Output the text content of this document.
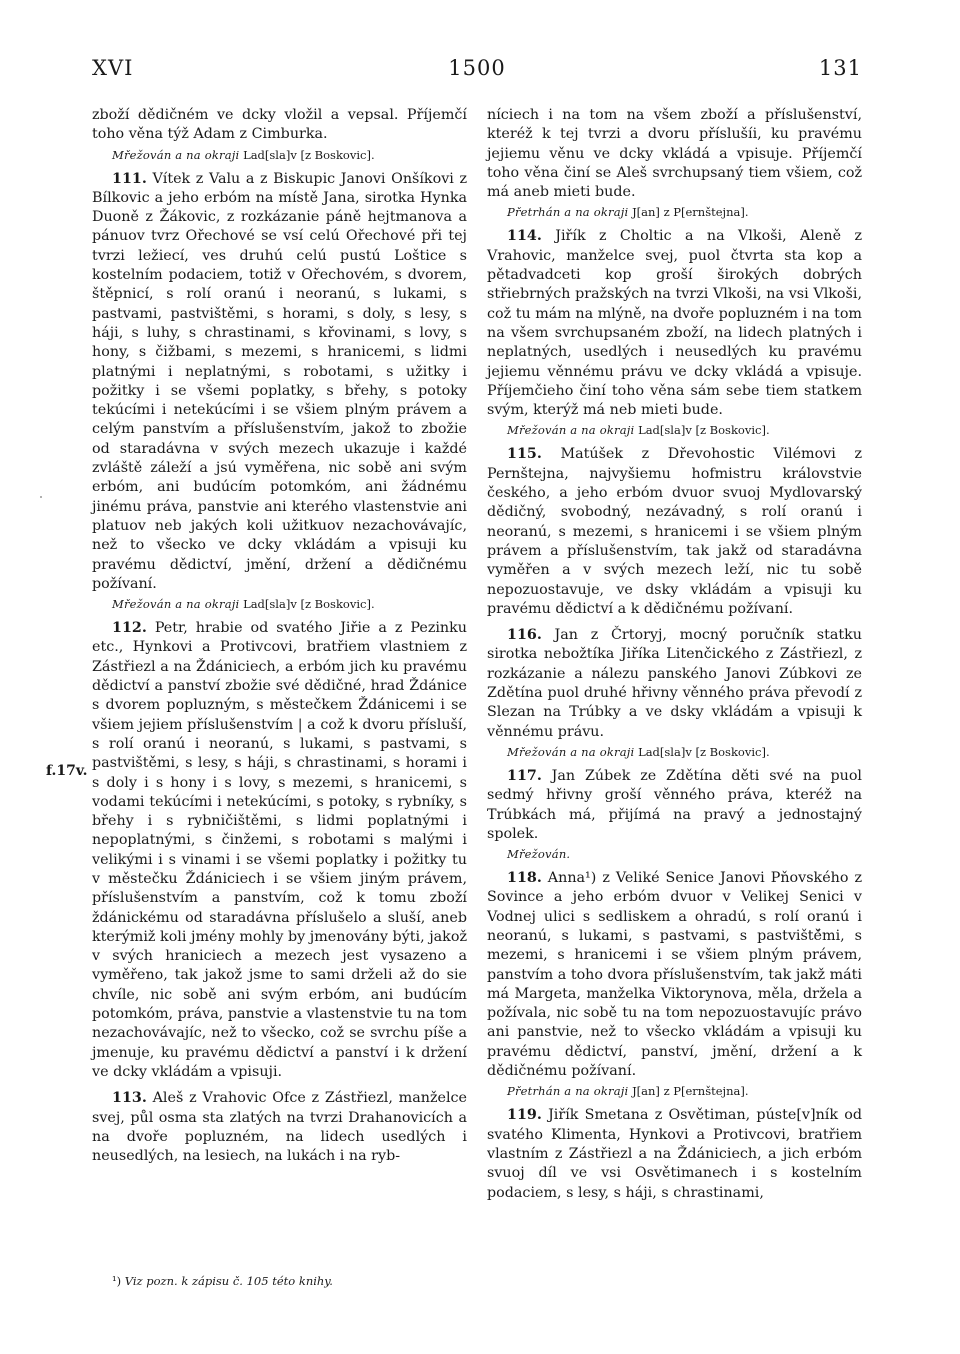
XVI	1500	131

zboží dědičném ve dcky vložil a vepsal. Příjemčí toho věna týž Adam z Cimburka.

Mřežován a na okraji Lad[sla]v [z Boskovic].

111. Vítek z Valu a z Biskupic Janovi Onšíkovi z Bílkovic a jeho erbóm na místě Jana, sirotka Hynka Duoně z Žákovic, z rozkázanie páně hejtmanova a pánuov tvrz Ořechové se vsí celú Ořechové při tej tvrzi ležiecí, ves druhú celú pustú Lošticе s kostelním podaciem, totiž v Ořechovém, s dvorem, štěpnicí, s rolí oranú i neoranú, s lukami, s pastvami, pastvištěmi, s horami, s doly, s lesy, s háji, s luhy, s chrastinami, s křovinami, s lovy, s hony, s čižbami, s mezemi, s hranicemi, s lidmi platnými i neplatnými, s robotami, s užitky i požitky i se všemi poplatky, s břehy, s potoky tekúcími i netekúcími i se všiem plným právem a celým panstvím a příslušenstvím, jakož to zbožie od staradávna v svých mezech ukazuje i každé zvláště záleží a jsú vyměřena, nic sobě ani svým erbóm, ani budúcím potomkóm, ani žádnému jinému práva, panstvie ani kterého vlastenstvie ani platuov neb jakých koli užitkuov nezachovávajíc, než to všecko ve dcky vkládám a vpisuji ku pravému dědictví, jmění, držení a dědičnému požívaní.

Mřežován a na okraji Lad[sla]v [z Boskovic].

112. Petr, hrabie od svatého Jiřie a z Pezinku etc., Hynkovi a Protivcovi, bratřiem vlastniem z Zástřiezl a na Ždániciech, a erbóm jich ku pravému dědictví a panství zbožie své dědičné, hrad Ždánice s dvorem popluzným, s městečkem Ždánicemi i se všiem jejiem příslušenstvím | a což k dvoru přísluší, s rolí oranú i neoranú, s lukami, s pastvami, s pastvištěmi, s lesy, s háji, s chrastinami, s horami i s doly i s hony i s lovy, s mezemi, s hranicemi, s vodami tekúcími i netekúcími, s potoky, s rybníky, s břehy i s rybničištěmi, s lidmi poplatnými i nepoplatnými, s činžemi, s robotami s malými i velikými i s vinami i se všemi poplatky i požitky tu v městečku Ždániciech i se všiem jiným právem, příslušenstvím a panstvím, což k tomu zboží ždánickému od staradávna příslušelo a sluší, aneb kterýmiž koli jmény mohly by jmenovány býti, jakož v svých hranicіech a mezech jest vysazeno a vyměřeno, tak jakož jsme to sami drželi až do sie chvíle, nic sobě ani svým erbóm, ani budúcím potomkóm, práva, panstvie a vlastenstvie tu na tom nezachovávajíc, než to všecko, což se svrchu píše a jmenuje, ku pravému dědictví a panství i k držení ve dcky vkládám a vpisuji.

113. Aleš z Vrahovic Ofce z Zástřiezl, manželce svej, půl osma sta zlatých na tvrzi Drahanovicích a na dvoře popluzném, na lidech usedlých i neusedlých, na lesiech, na lukách i na ryb-

níciech i na tom na všem zboží a příslušenství, kteréž k tej tvrzi a dvoru příslušíi, ku pravému jejiemu věnu ve dcky vkládá a vpisuje. Příjemčí toho věna činí se Aleš svrchupsaný tiem všiem, což má aneb mieti bude.

Přetrhán a na okraji J[an] z P[ernštejna].

114. Jiřík z Choltic a na Vlkoši, Aleně z Vrahovic, manželce svej, puol čtvrta sta kop a pětadvadceti kop groší širokých dobrých střiebrných pražských na tvrzi Vlkoši, na vsi Vlkoši, což tu mám na mlýně, na dvoře popluzném i na tom na všem svrchupsaném zboží, na lidech platných i neplatných, usedlých i neusedlých ku pravému jejiemu věnnému právu ve dcky vkládá a vpisuje. Příjemčieho činí toho věna sám sebe tiem statkem svým, kterýž má neb mieti bude.

Mřežován a na okraji Lad[sla]v [z Boskovic].

115. Matúšek z Dřevohostic Vilémovi z Pernštejna, najvyšiemu hofmistru královstvie českého, a jeho erbóm dvuor svuoj Mydlovarský dědičný, svobodný, nezávadný, s rolí oranú i neoranú, s mezemi, s hranicemi i se všiem plným právem a příslušenstvím, tak jakž od staradávna vyměřen a v svých mezech leží, nic tu sobě nepozuostavuje, ve dsky vkládám a vpisuji ku pravému dědictví a k dědičnému požívaní.

116. Jan z Črtoryj, mocný poručník statku sirotka nebožtíka Jiříka Litenčického z Zástřiezl, z rozkázanie a nálezu panského Janovi Zúbkovi ze Zdětína puol druhé hřivny věnného práva převodí z Slezan na Trúbky a ve dsky vkládám a vpisuji k věnnému právu.

Mřežován a na okraji Lad[sla]v [z Boskovic].

117. Jan Zúbek ze Zdětína děti své na puol sedmý hřivny groší věnného práva, kteréž na Trúbkách má, přijímá na pravý a jednostajný spolek.

Mřežován.

118. Anna¹) z Veliké Senice Janovi Pňovského z Sovince a jeho erbóm dvuor v Velikej Senici v Vodnej ulici s sedliskem a ohradú, s rolí oranú i neoranú, s lukami, s pastvami, s pastviště̌mi, s mezemi, s hranicemi i se všiem plným právem, panstvím a toho dvora příslušenstvím, tak jakž máti má Margeta, manželka Viktorynova, měla, držela a požívala, nic sobě tu na tom nepozuostavujíc právo ani panstvie, než to všecko vkládám a vpisuji ku pravému dědictví, panství, jmění, držení a k dědičnému požívaní.

Přetrhán a na okraji J[an] z P[ernštejna].

119. Jiřík Smetana z Osvětiman, púste[v]ník od svatého Klimenta, Hynkovi a Protivcovi, bratřiem vlastním z Zástřiezl a na Ždániciech, a jich erbóm svuoj díl ve vsi Osvětimanech i s kostelním podaciem, s lesy, s háji, s chrastinami,

f.17v.
¹) Viz pozn. k zápisu č. 105 této knihy.
